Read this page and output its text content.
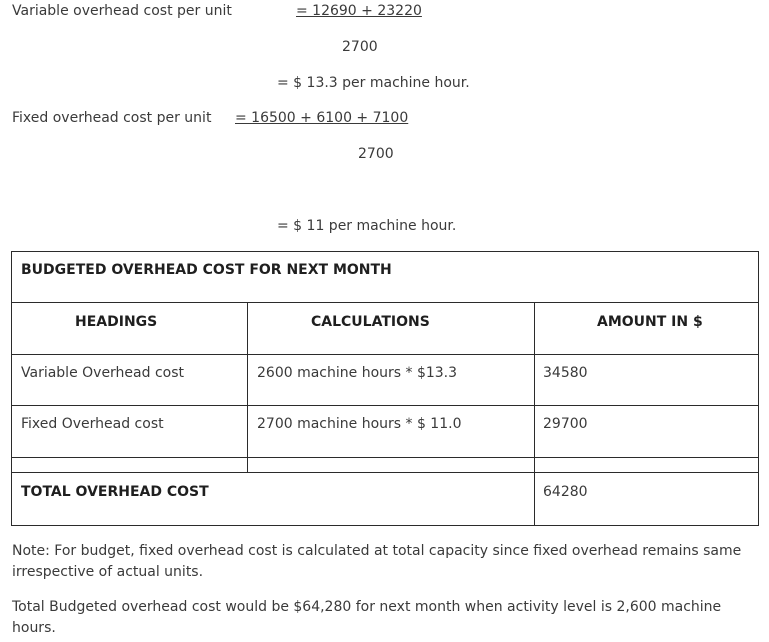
Variable overhead cost per unit	= 12690 + 23220
2700
= $ 13.3 per machine hour.
Fixed overhead cost per unit = 16500 + 6100 + 7100
2700
= $ 11 per machine hour.
BUDGETED OVERHEAD COST FOR NEXT MONTH
HEADINGS	CALCULATIONS	AMOUNT IN $
Variable Overhead cost	2600 machine hours * $13.3	34580
Fixed Overhead cost	2700 machine hours * $ 11.0	29700
TOTAL OVERHEAD COST	64280
Note: For budget, fixed overhead cost is calculated at total capacity since fixed overhead remains same irrespective of actual units.
Total Budgeted overhead cost would be $64,280 for next month when activity level is 2,600 machine hours.
